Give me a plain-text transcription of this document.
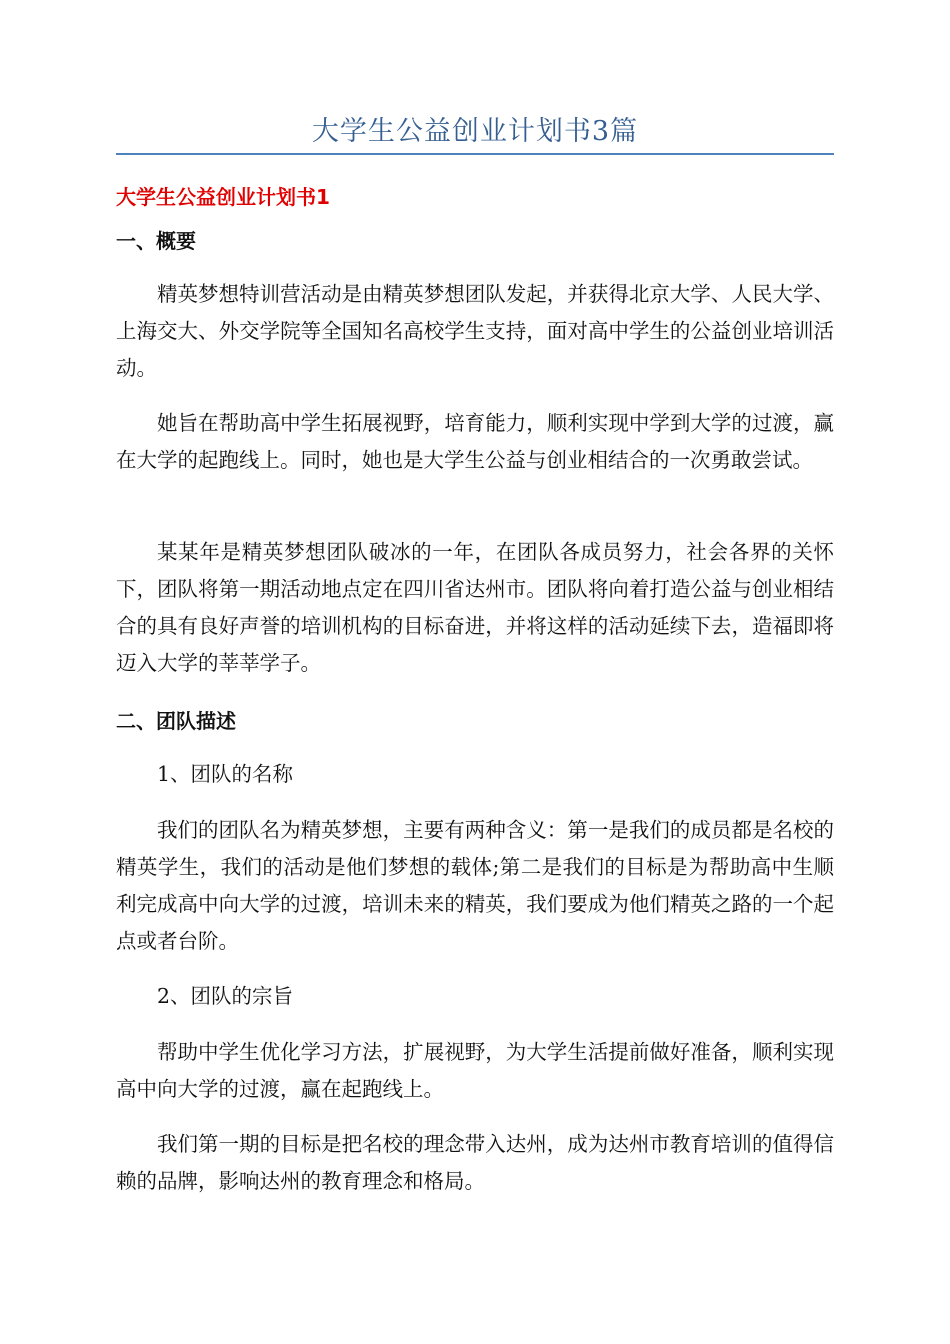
大学生公益创业计划书3篇
大学生公益创业计划书1
一、概要

精英梦想特训营活动是由精英梦想团队发起，并获得北京大学、人民大学、上海交大、外交学院等全国知名高校学生支持，面对高中学生的公益创业培训活动。

她旨在帮助高中学生拓展视野，培育能力，顺利实现中学到大学的过渡，赢在大学的起跑线上。同时，她也是大学生公益与创业相结合的一次勇敢尝试。

某某年是精英梦想团队破冰的一年，在团队各成员努力，社会各界的关怀下，团队将第一期活动地点定在四川省达州市。团队将向着打造公益与创业相结合的具有良好声誉的培训机构的目标奋进，并将这样的活动延续下去，造福即将迈入大学的莘莘学子。

二、团队描述

1、团队的名称

我们的团队名为精英梦想，主要有两种含义：第一是我们的成员都是名校的精英学生，我们的活动是他们梦想的载体;第二是我们的目标是为帮助高中生顺利完成高中向大学的过渡，培训未来的精英，我们要成为他们精英之路的一个起点或者台阶。

2、团队的宗旨

帮助中学生优化学习方法，扩展视野，为大学生活提前做好准备，顺利实现高中向大学的过渡，赢在起跑线上。

我们第一期的目标是把名校的理念带入达州，成为达州市教育培训的值得信赖的品牌，影响达州的教育理念和格局。
